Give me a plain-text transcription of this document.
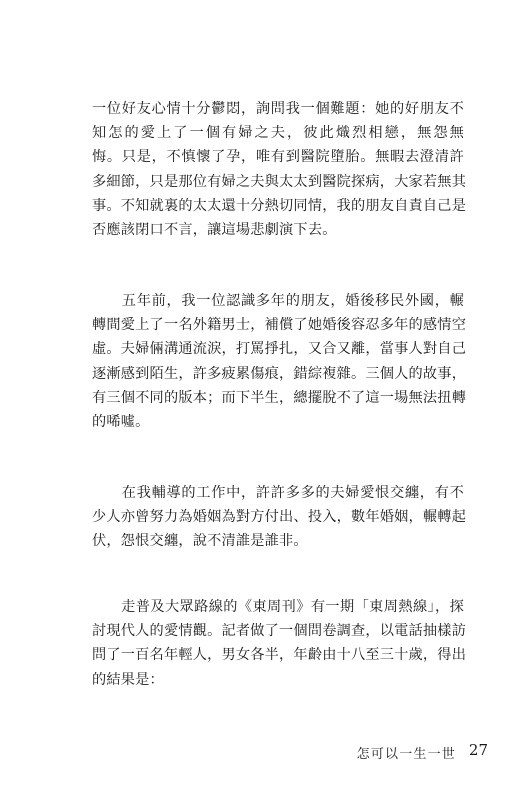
一位好友心情十分鬱悶，詢問我一個難題：她的好朋友不
知怎的愛上了一個有婦之夫，彼此熾烈相戀，無怨無
悔。只是，不慎懷了孕，唯有到醫院墮胎。無暇去澄清許
多細節，只是那位有婦之夫與太太到醫院探病，大家若無其
事。不知就裏的太太還十分熱切同情，我的朋友自責自己是
否應該閉口不言，讓這場悲劇演下去。
　　五年前，我一位認識多年的朋友，婚後移民外國，輾
轉間愛上了一名外籍男士，補償了她婚後容忍多年的感情空
虛。夫婦倆溝通流淚，打罵掙扎，又合又離，當事人對自己
逐漸感到陌生，許多疲累傷痕，錯綜複雜。三個人的故事，
有三個不同的版本；而下半生，總擺脫不了這一場無法扭轉
的唏噓。
　　在我輔導的工作中，許許多多的夫婦愛恨交纏，有不
少人亦曾努力為婚姻為對方付出、投入，數年婚姻，輾轉起
伏，怨恨交纏，說不清誰是誰非。
　　走普及大眾路線的《東周刊》有一期「東周熱線」，探
討現代人的愛情觀。記者做了一個問卷調查，以電話抽樣訪
問了一百名年輕人，男女各半，年齡由十八至三十歲，得出
的結果是：
怎可以一生一世 27
